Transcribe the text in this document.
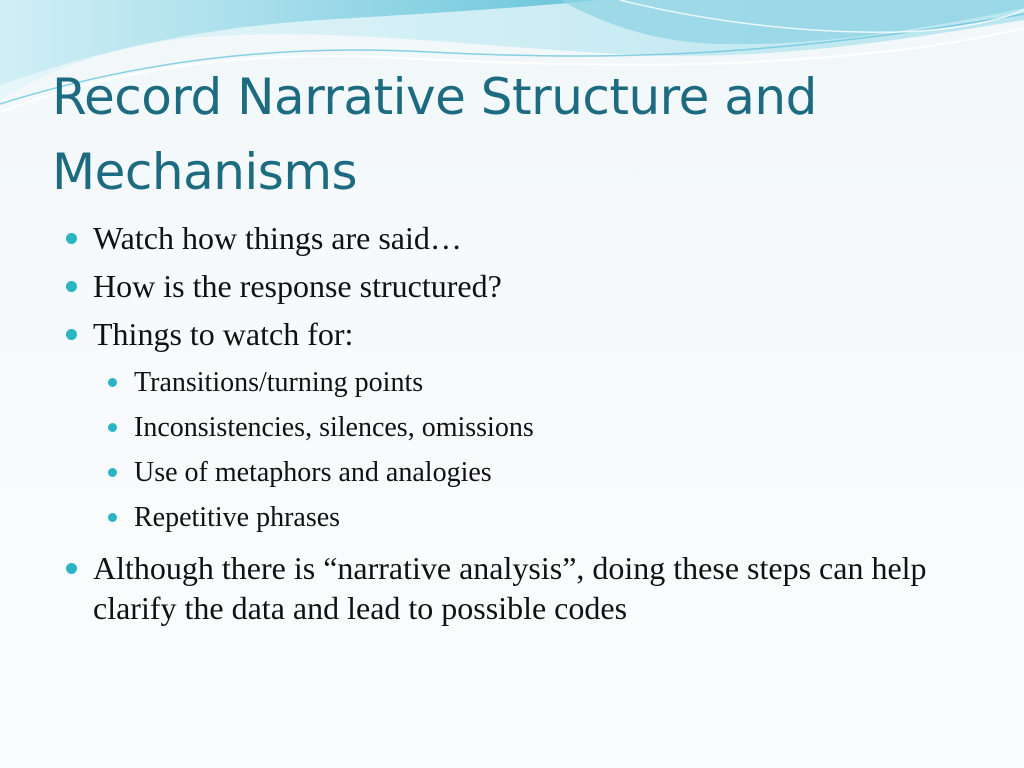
Record Narrative Structure and
Mechanisms
Watch how things are said…
How is the response structured?
Things to watch for:
Transitions/turning points
Inconsistencies, silences, omissions
Use of metaphors and analogies
Repetitive phrases
Although there is “narrative analysis”, doing these steps can help clarify the data and lead to possible codes
